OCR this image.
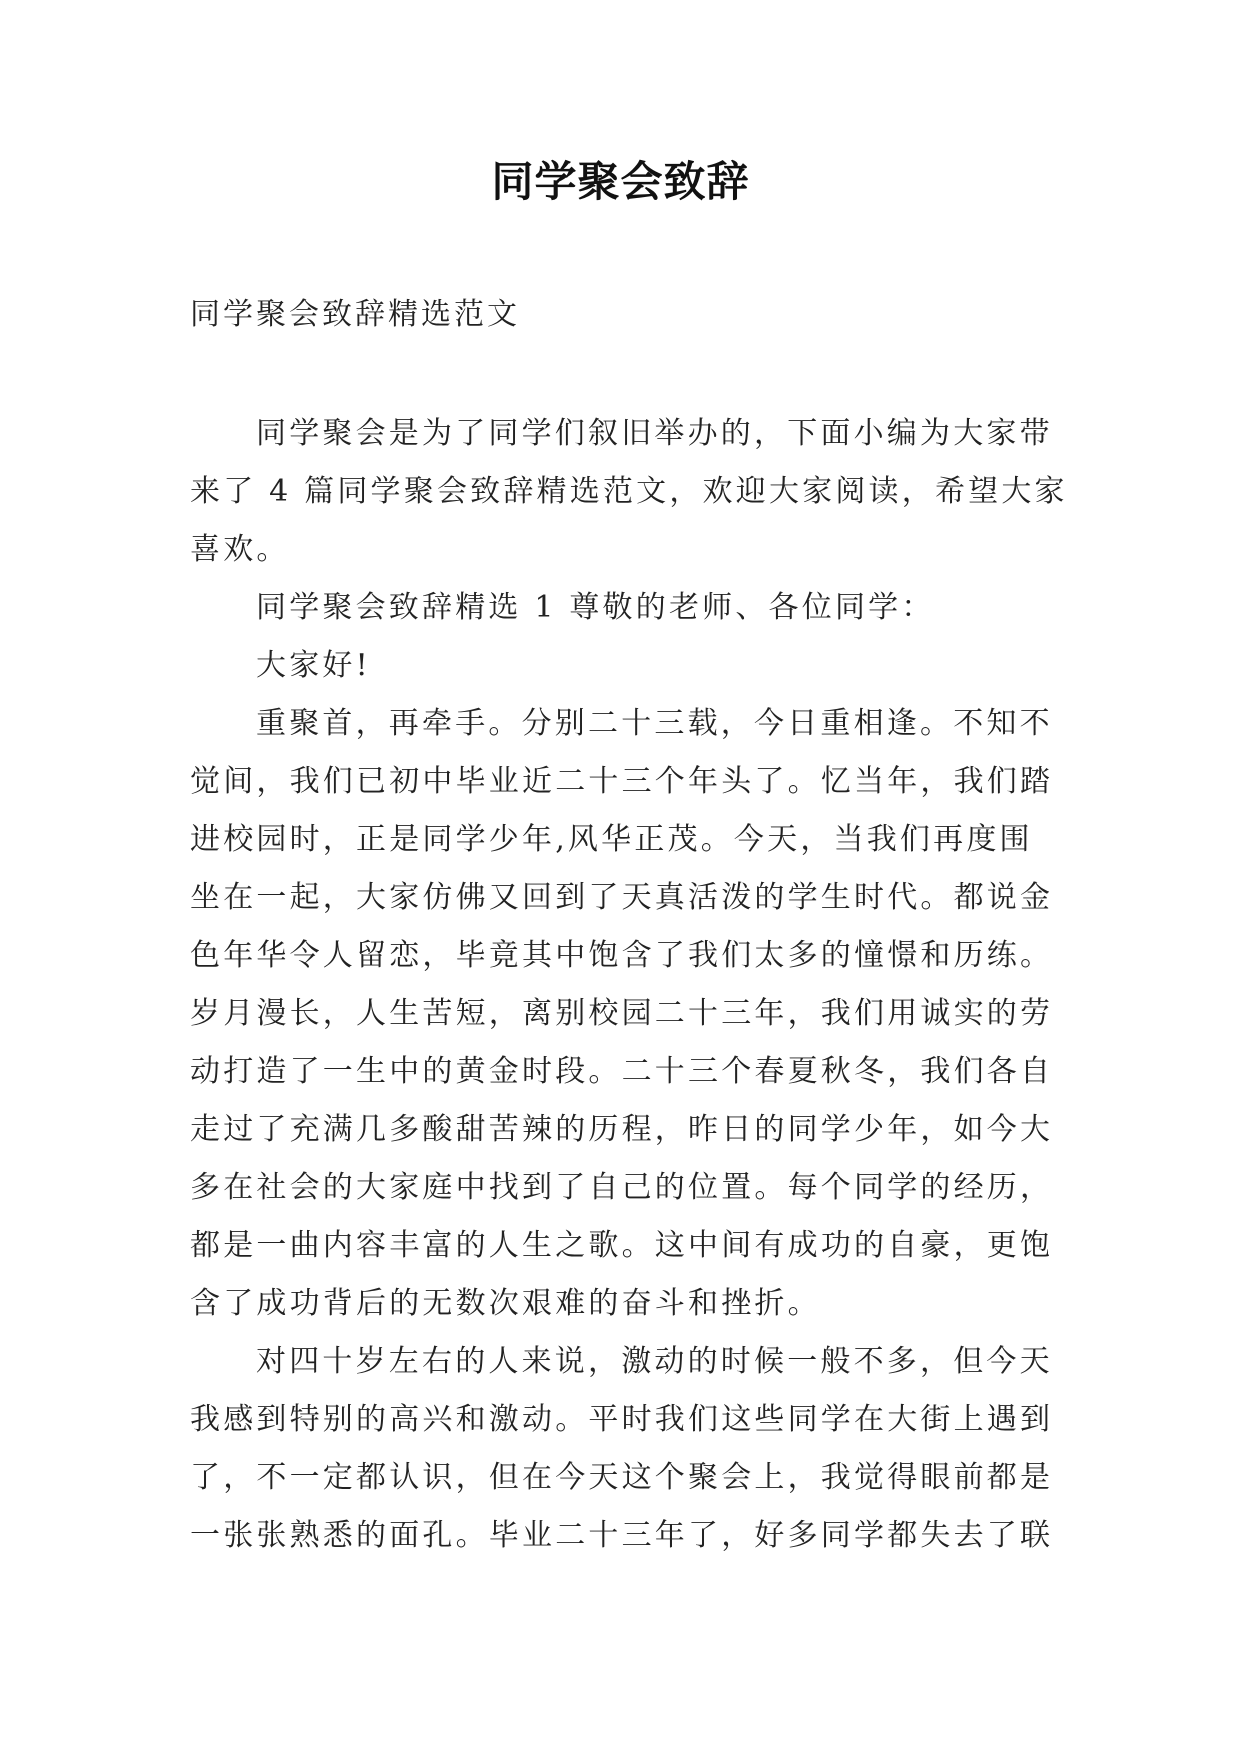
同学聚会致辞

同学聚会致辞精选范文

同学聚会是为了同学们叙旧举办的，下面小编为大家带
来了 4 篇同学聚会致辞精选范文，欢迎大家阅读，希望大家
喜欢。
同学聚会致辞精选 1 尊敬的老师、各位同学：
大家好!
重聚首，再牵手。分别二十三载，今日重相逢。不知不
觉间，我们已初中毕业近二十三个年头了。忆当年，我们踏
进校园时，正是同学少年,风华正茂。今天，当我们再度围
坐在一起，大家仿佛又回到了天真活泼的学生时代。都说金
色年华令人留恋，毕竟其中饱含了我们太多的憧憬和历练。
岁月漫长，人生苦短，离别校园二十三年，我们用诚实的劳
动打造了一生中的黄金时段。二十三个春夏秋冬，我们各自
走过了充满几多酸甜苦辣的历程，昨日的同学少年，如今大
多在社会的大家庭中找到了自己的位置。每个同学的经历，
都是一曲内容丰富的人生之歌。这中间有成功的自豪，更饱
含了成功背后的无数次艰难的奋斗和挫折。
对四十岁左右的人来说，激动的时候一般不多，但今天
我感到特别的高兴和激动。平时我们这些同学在大街上遇到
了，不一定都认识，但在今天这个聚会上，我觉得眼前都是
一张张熟悉的面孔。毕业二十三年了，好多同学都失去了联
